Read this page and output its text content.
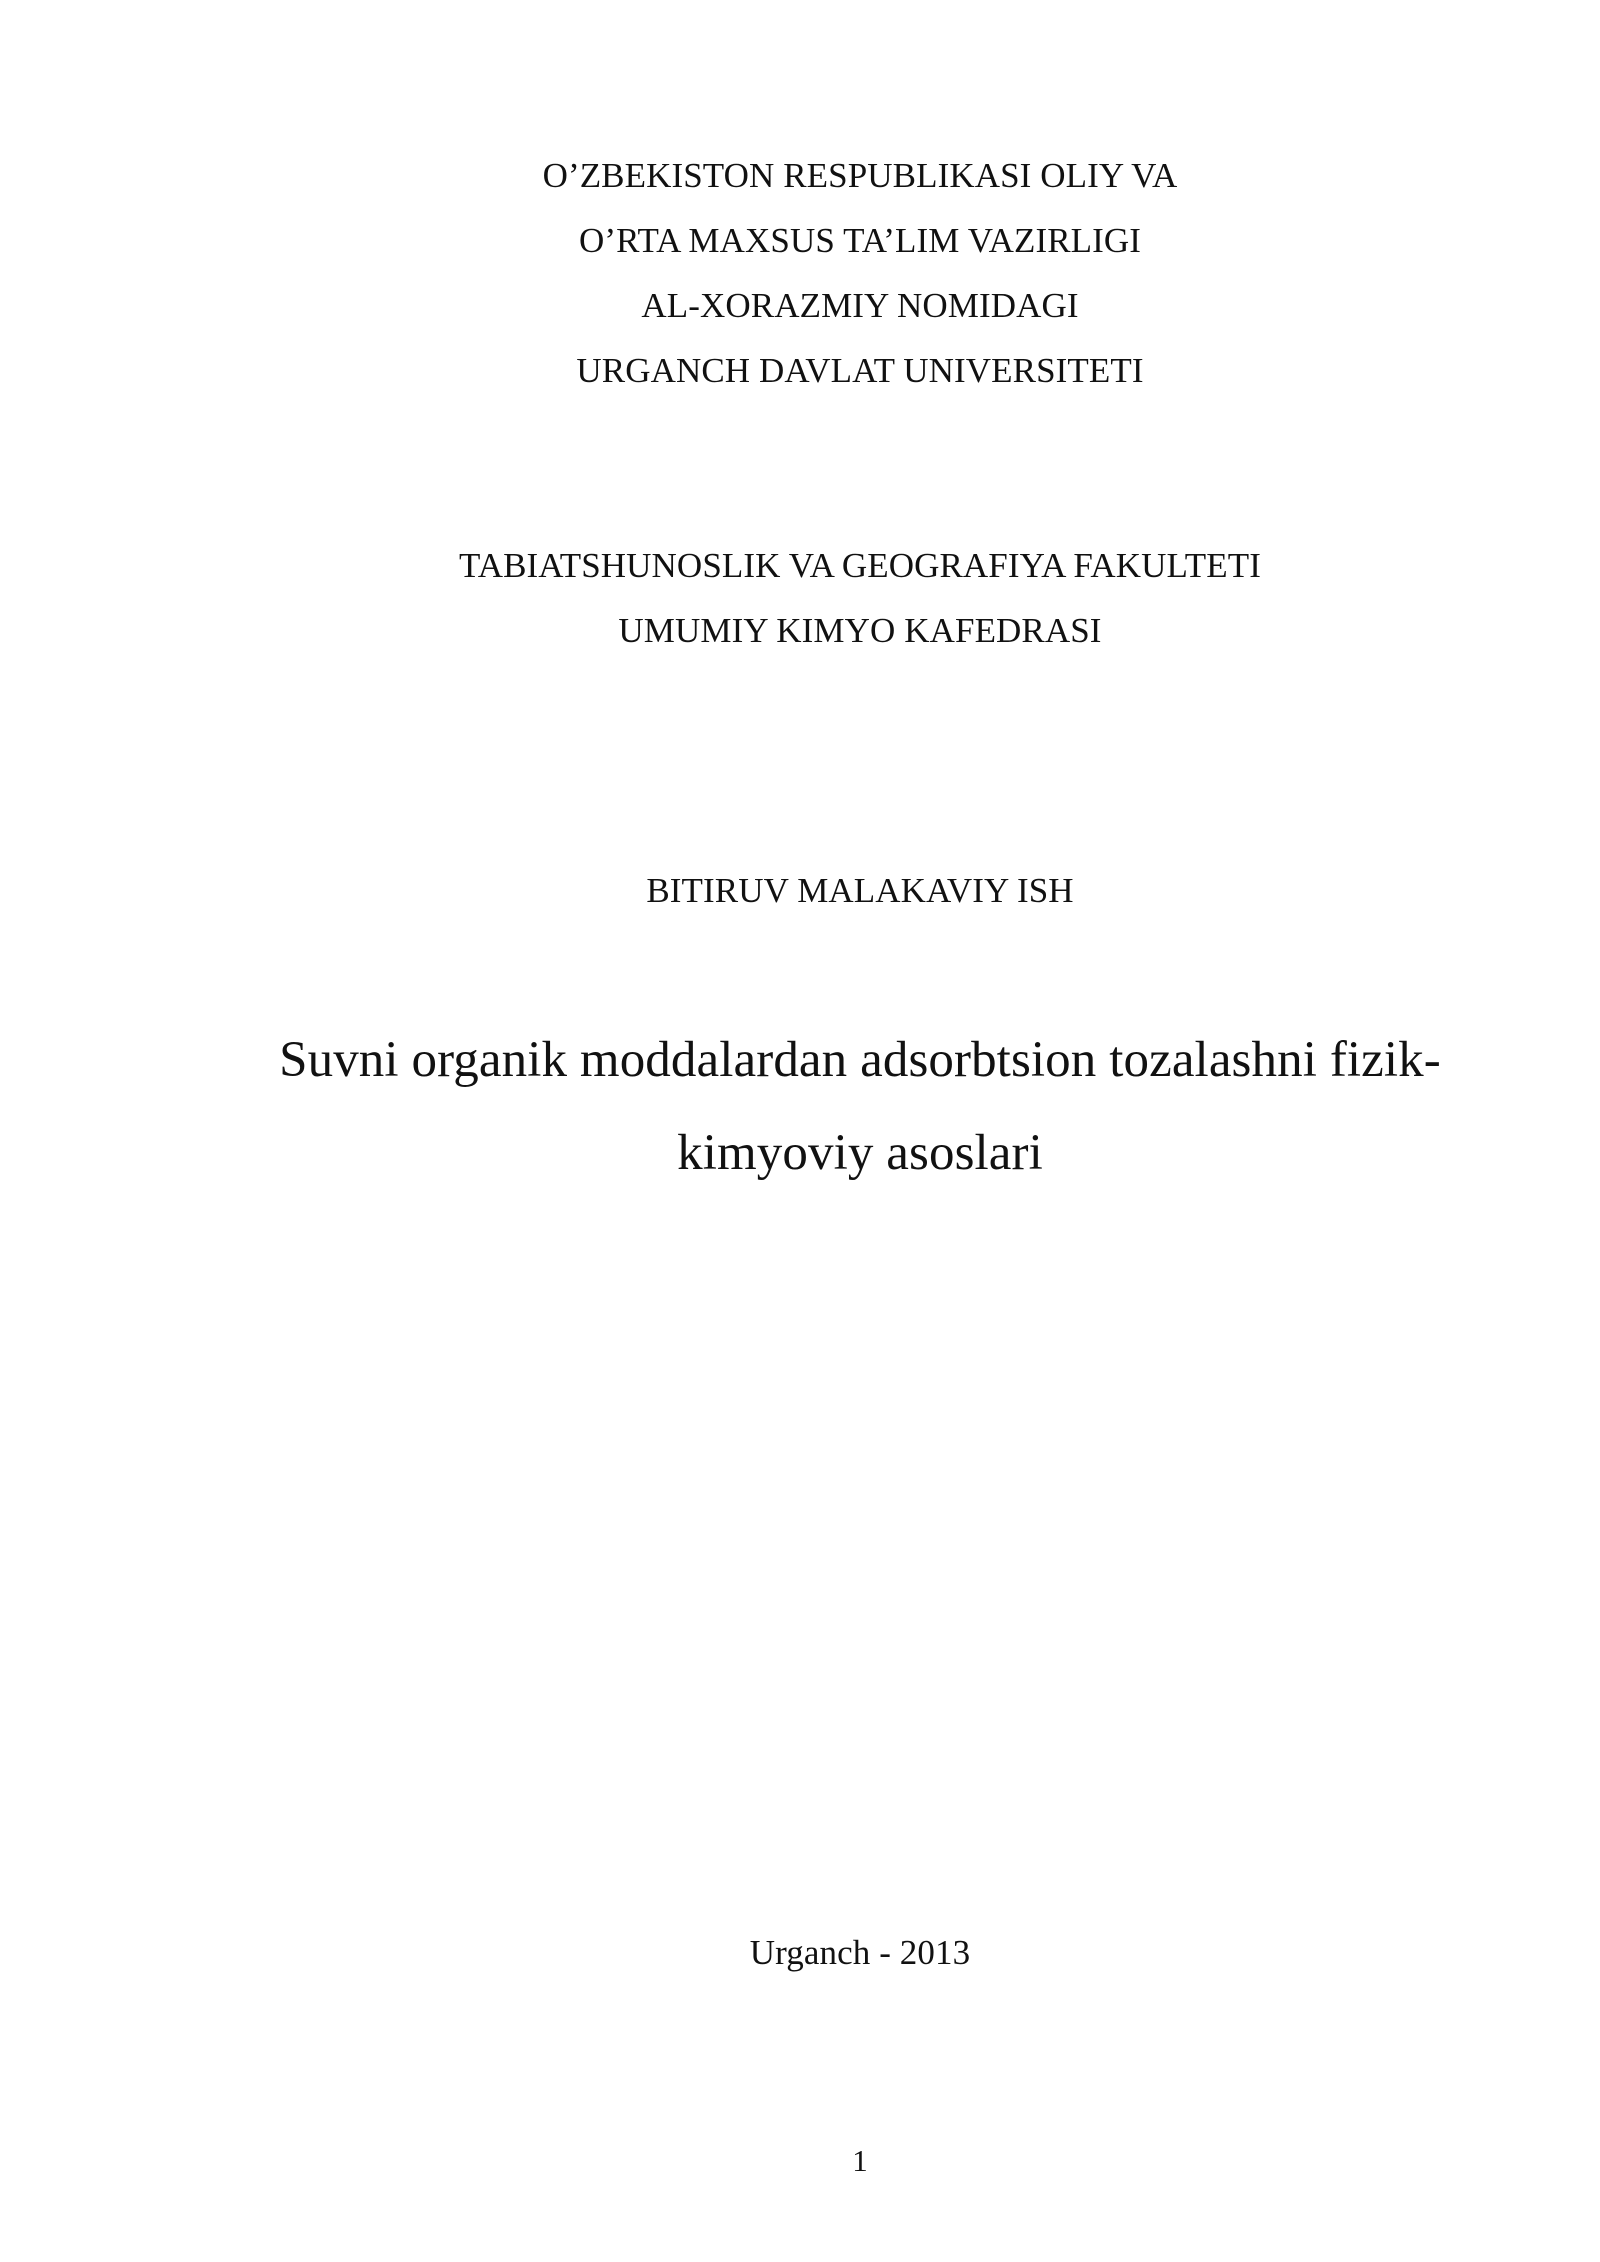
O’ZBEKISTON RESPUBLIKASI OLIY VA
O’RTA MAXSUS TA’LIM VAZIRLIGI
AL-XORAZMIY NOMIDAGI
URGANCH DAVLAT UNIVERSITETI
TABIATSHUNOSLIK VA GEOGRAFIYA FAKULTETI
UMUMIY KIMYO KAFEDRASI
BITIRUV MALAKAVIY ISH
Suvni organik moddalardan adsorbtsion tozalashni fizik-
kimyoviy asoslari
Urganch - 2013
1
